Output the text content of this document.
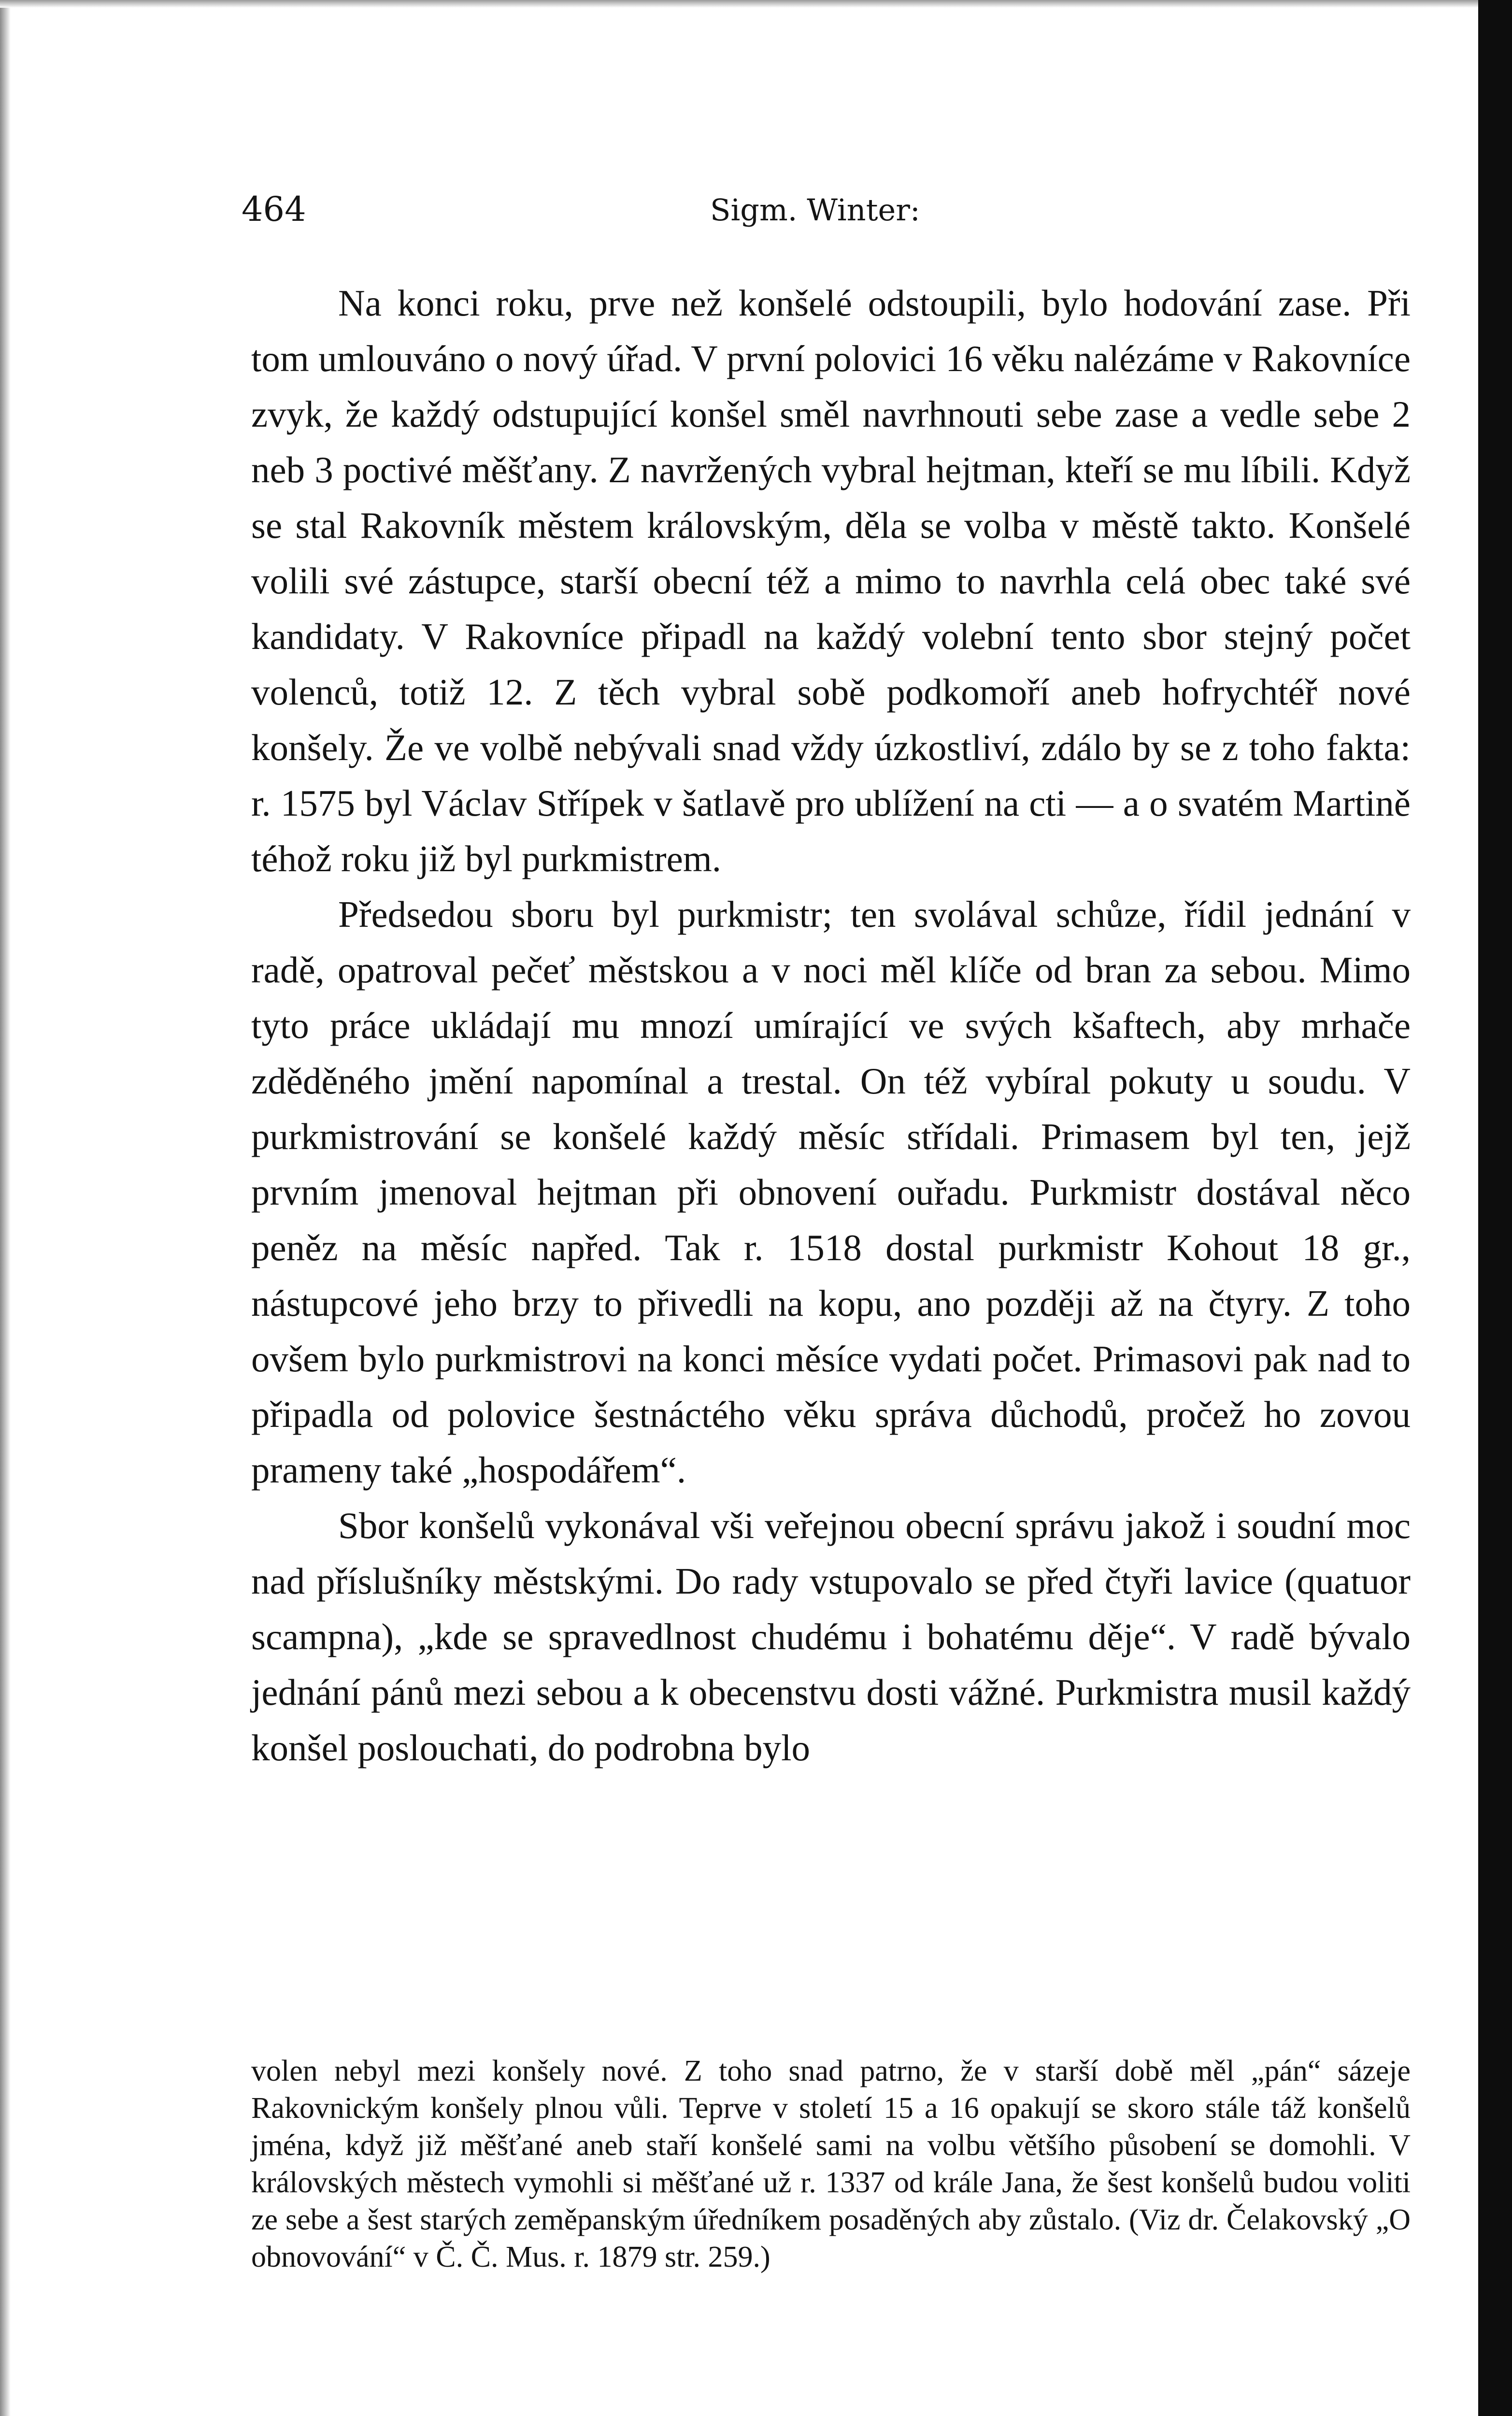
464	Sigm. Winter:

Na konci roku, prve než konšelé odstoupili, bylo hodování zase. Při tom umlouváno o nový úřad. V první polovici 16 věku nalézáme v Rakovníce zvyk, že každý odstupující konšel směl navrhnouti sebe zase a vedle sebe 2 neb 3 poctivé měšťany. Z navržených vybral hejtman, kteří se mu líbili. Když se stal Rakovník městem královským, děla se volba v městě takto. Konšelé volili své zástupce, starší obecní též a mimo to navrhla celá obec také své kandidaty. V Rakovníce připadl na každý volební tento sbor stejný počet volenců, totiž 12. Z těch vybral sobě podkomoří aneb hofrychtéř nové konšely. Že ve volbě nebývali snad vždy úzkostliví, zdálo by se z toho fakta: r. 1575 byl Václav Střípek v šatlavě pro ublížení na cti — a o svatém Martině téhož roku již byl purkmistrem.

Předsedou sboru byl purkmistr; ten svolával schůze, řídil jednání v radě, opatroval pečeť městskou a v noci měl klíče od bran za sebou. Mimo tyto práce ukládají mu mnozí umírající ve svých kšaftech, aby mrhače zděděného jmění napomínal a trestal. On též vybíral pokuty u soudu. V purkmistrování se konšelé každý měsíc střídali. Primasem byl ten, jejž prvním jmenoval hejtman při obnovení ouřadu. Purkmistr dostával něco peněz na měsíc napřed. Tak r. 1518 dostal purkmistr Kohout 18 gr., nástupcové jeho brzy to přivedli na kopu, ano později až na čtyry. Z toho ovšem bylo purkmistrovi na konci měsíce vydati počet. Primasovi pak nad to připadla od polovice šestnáctého věku správa důchodů, pročež ho zovou prameny také „hospodářem“.

Sbor konšelů vykonával vši veřejnou obecní správu jakož i soudní moc nad příslušníky městskými. Do rady vstupovalo se před čtyři lavice (quatuor scampna), „kde se spravedlnost chudému i bohatému děje“. V radě bývalo jednání pánů mezi sebou a k obecenstvu dosti vážné. Purkmistra musil každý konšel poslouchati, do podrobna bylo

volen nebyl mezi konšely nové. Z toho snad patrno, že v starší době měl „pán“ sázeje Rakovnickým konšely plnou vůli. Teprve v století 15 a 16 opakují se skoro stále táž konšelů jména, když již měšťané aneb staří konšelé sami na volbu většího působení se domohli. V královských městech vymohli si měšťané už r. 1337 od krále Jana, že šest konšelů budou voliti ze sebe a šest starých zeměpanským úředníkem posaděných aby zůstalo. (Viz dr. Čelakovský „O obnovování“ v Č. Č. Mus. r. 1879 str. 259.)
